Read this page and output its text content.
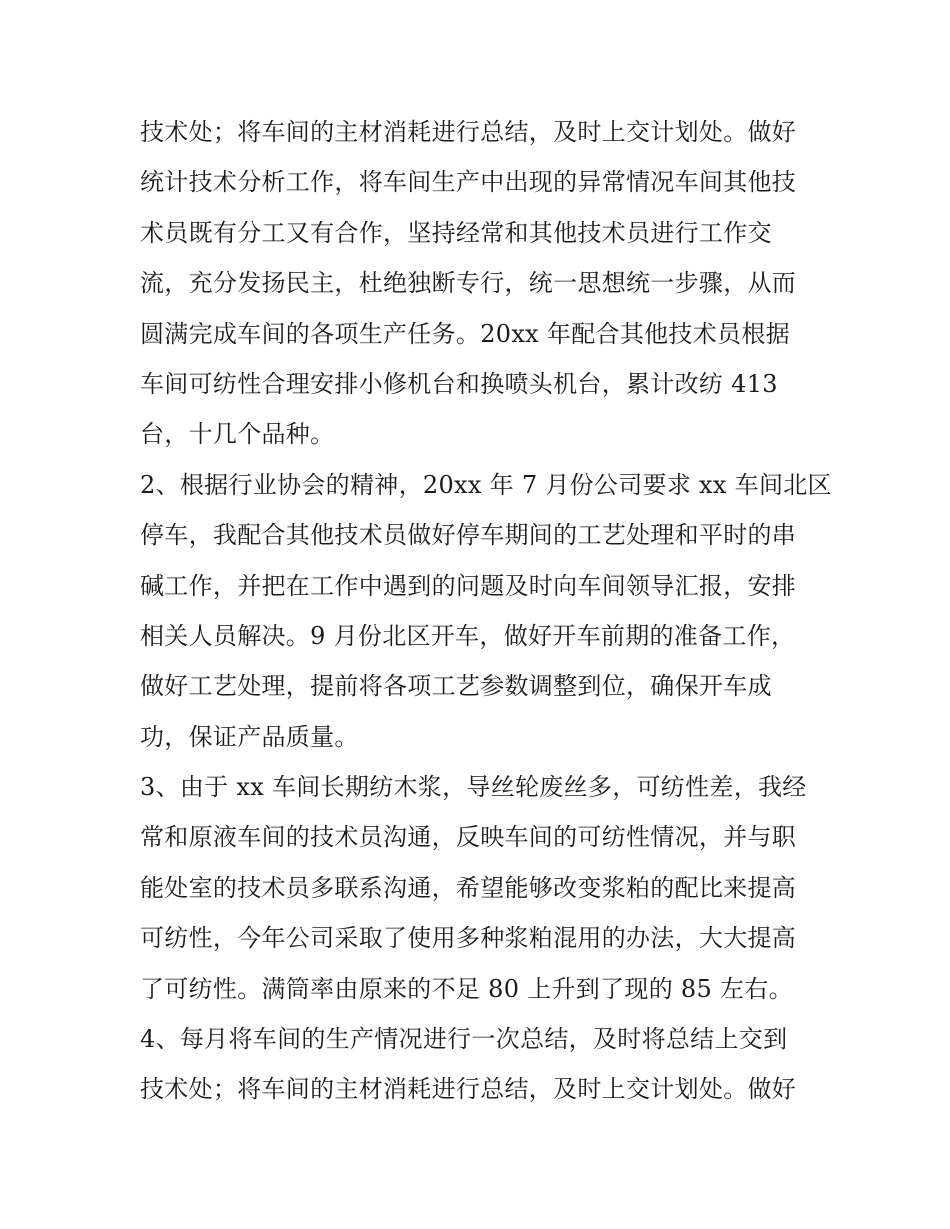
技术处；将车间的主材消耗进行总结，及时上交计划处。做好
统计技术分析工作，将车间生产中出现的异常情况车间其他技
术员既有分工又有合作，坚持经常和其他技术员进行工作交
流，充分发扬民主，杜绝独断专行，统一思想统一步骤，从而
圆满完成车间的各项生产任务。20xx 年配合其他技术员根据
车间可纺性合理安排小修机台和换喷头机台，累计改纺 413
台，十几个品种。
2、根据行业协会的精神，20xx 年 7 月份公司要求 xx 车间北区
停车，我配合其他技术员做好停车期间的工艺处理和平时的串
碱工作，并把在工作中遇到的问题及时向车间领导汇报，安排
相关人员解决。9 月份北区开车，做好开车前期的准备工作，
做好工艺处理，提前将各项工艺参数调整到位，确保开车成
功，保证产品质量。
3、由于 xx 车间长期纺木浆，导丝轮废丝多，可纺性差，我经
常和原液车间的技术员沟通，反映车间的可纺性情况，并与职
能处室的技术员多联系沟通，希望能够改变浆粕的配比来提高
可纺性，今年公司采取了使用多种浆粕混用的办法，大大提高
了可纺性。满筒率由原来的不足 80 上升到了现的 85 左右。
4、每月将车间的生产情况进行一次总结，及时将总结上交到
技术处；将车间的主材消耗进行总结，及时上交计划处。做好
